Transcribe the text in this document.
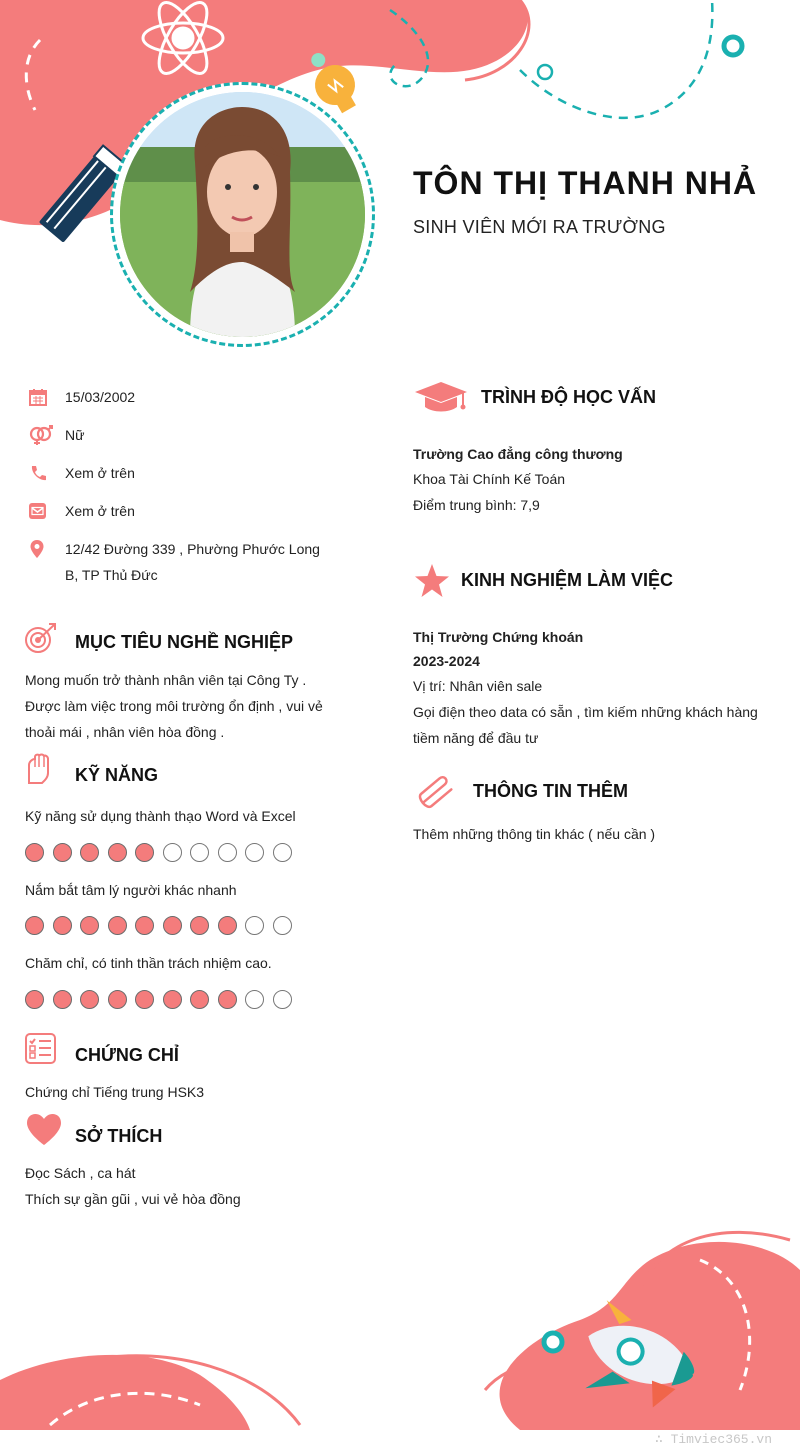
TÔN THỊ THANH NHẢ
SINH VIÊN MỚI RA TRƯỜNG
15/03/2002
Nữ
Xem ở trên
Xem ở trên
12/42 Đường 339 , Phường Phước Long B, TP Thủ Đức
MỤC TIÊU NGHỀ NGHIỆP
Mong muốn trở thành nhân viên tại Công Ty . Được làm việc trong môi trường ổn định , vui vẻ thoải mái , nhân viên hòa đồng .
KỸ NĂNG
Kỹ năng sử dụng thành thạo Word và Excel
Nắm bắt tâm lý người khác nhanh
Chăm chỉ, có tinh thần trách nhiệm cao.
CHỨNG CHỈ
Chứng chỉ Tiếng trung HSK3
SỞ THÍCH
Đọc Sách , ca hát
Thích sự gần gũi , vui vẻ hòa đồng
TRÌNH ĐỘ HỌC VẤN
Trường Cao đẳng công thương
Khoa Tài Chính Kế Toán
Điểm trung bình: 7,9
KINH NGHIỆM LÀM VIỆC
Thị Trường Chứng khoán
2023-2024
Vị trí: Nhân viên sale
Gọi điện theo data có sẵn , tìm kiếm những khách hàng tiềm năng để đầu tư
THÔNG TIN THÊM
Thêm những thông tin khác ( nếu cần )
∴ Timviec365.vn
